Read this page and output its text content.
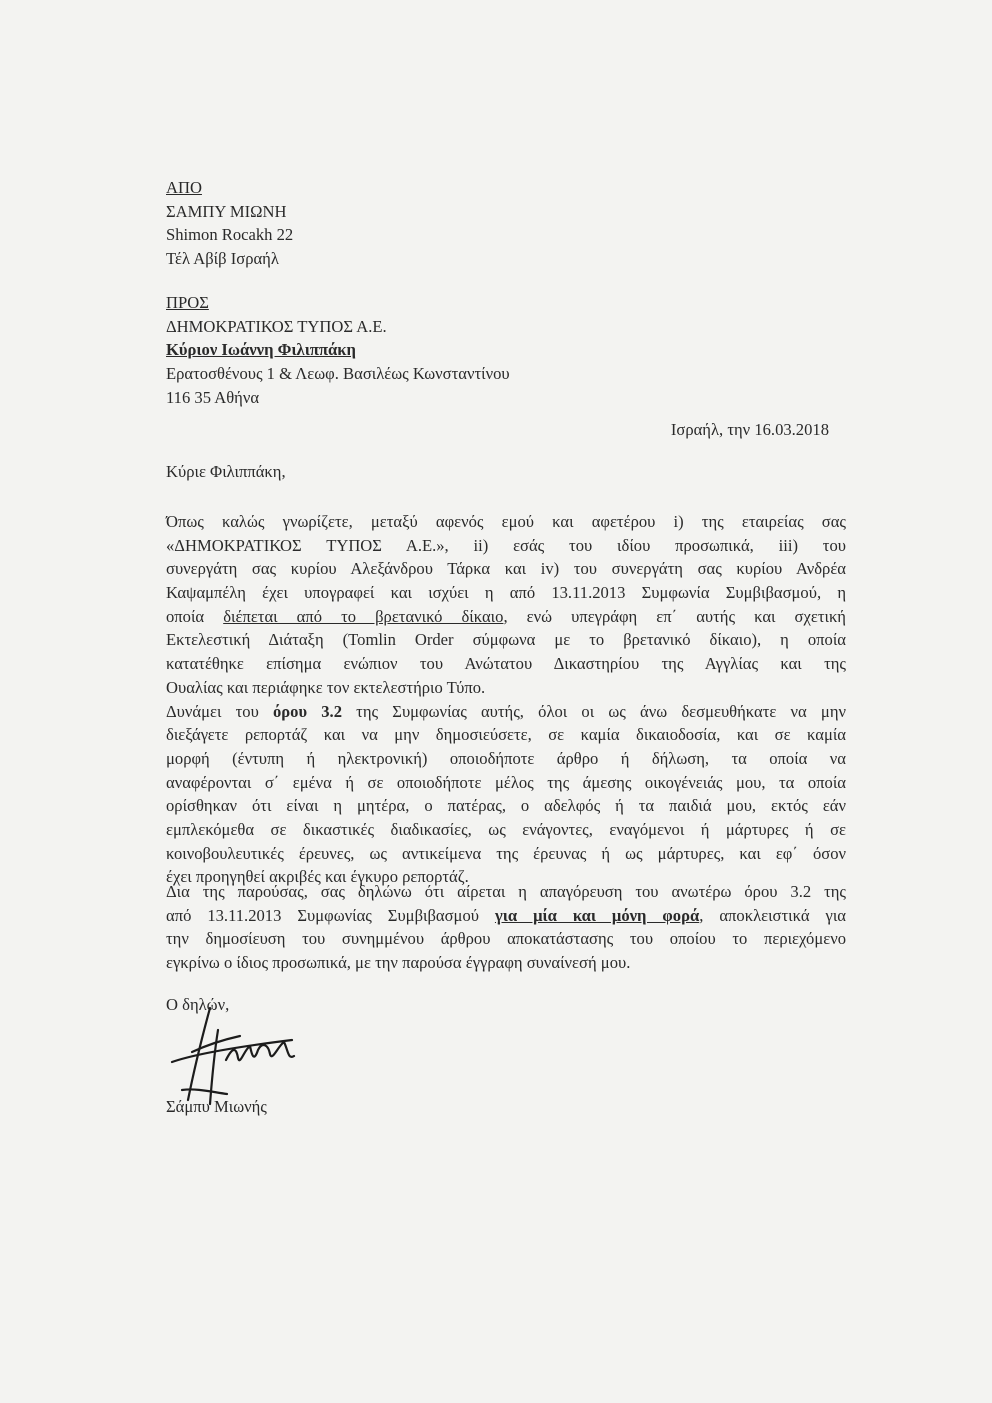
ΑΠΟ
ΣΑΜΠΥ ΜΙΩΝΗ
Shimon Rocakh 22
Τέλ Αβίβ Ισραήλ
ΠΡΟΣ
ΔΗΜΟΚΡΑΤΙΚΟΣ ΤΥΠΟΣ Α.Ε.
Κύριον Ιωάννη Φιλιππάκη
Ερατοσθένους 1 & Λεωφ. Βασιλέως Κωνσταντίνου
116 35 Αθήνα
Ισραήλ, την 16.03.2018
Κύριε Φιλιππάκη,
Όπως καλώς γνωρίζετε, μεταξύ αφενός εμού και αφετέρου i) της εταιρείας σας
«ΔΗΜΟΚΡΑΤΙΚΟΣ ΤΥΠΟΣ Α.Ε.», ii) εσάς του ιδίου προσωπικά, iii) του
συνεργάτη σας κυρίου Αλεξάνδρου Τάρκα και iv) του συνεργάτη σας κυρίου Ανδρέα
Καψαμπέλη έχει υπογραφεί και ισχύει η από 13.11.2013 Συμφωνία Συμβιβασμού, η
οποία διέπεται από το βρετανικό δίκαιο, ενώ υπεγράφη επ΄ αυτής και σχετική
Εκτελεστική Διάταξη (Tomlin Order σύμφωνα με το βρετανικό δίκαιο), η οποία
κατατέθηκε επίσημα ενώπιον του Ανώτατου Δικαστηρίου της Αγγλίας και της
Ουαλίας και περιάφηκε τον εκτελεστήριο Τύπο.
Δυνάμει του όρου 3.2 της Συμφωνίας αυτής, όλοι οι ως άνω δεσμευθήκατε να μην
διεξάγετε ρεπορτάζ και να μην δημοσιεύσετε, σε καμία δικαιοδοσία, και σε καμία
μορφή (έντυπη ή ηλεκτρονική) οποιοδήποτε άρθρο ή δήλωση, τα οποία να
αναφέρονται σ΄ εμένα ή σε οποιοδήποτε μέλος της άμεσης οικογένειάς μου, τα οποία
ορίσθηκαν ότι είναι η μητέρα, ο πατέρας, ο αδελφός ή τα παιδιά μου, εκτός εάν
εμπλεκόμεθα σε δικαστικές διαδικασίες, ως ενάγοντες, εναγόμενοι ή μάρτυρες ή σε
κοινοβουλευτικές έρευνες, ως αντικείμενα της έρευνας ή ως μάρτυρες, και εφ΄ όσον
έχει προηγηθεί ακριβές και έγκυρο ρεπορτάζ.
Δια της παρούσας, σας δηλώνω ότι αίρεται η απαγόρευση του ανωτέρω όρου 3.2 της
από 13.11.2013 Συμφωνίας Συμβιβασμού για μία και μόνη φορά, αποκλειστικά για
την δημοσίευση του συνημμένου άρθρου αποκατάστασης του οποίου το περιεχόμενο
εγκρίνω ο ίδιος προσωπικά, με την παρούσα έγγραφη συναίνεσή μου.
Ο δηλών,
Σάμπυ Μιωνής
